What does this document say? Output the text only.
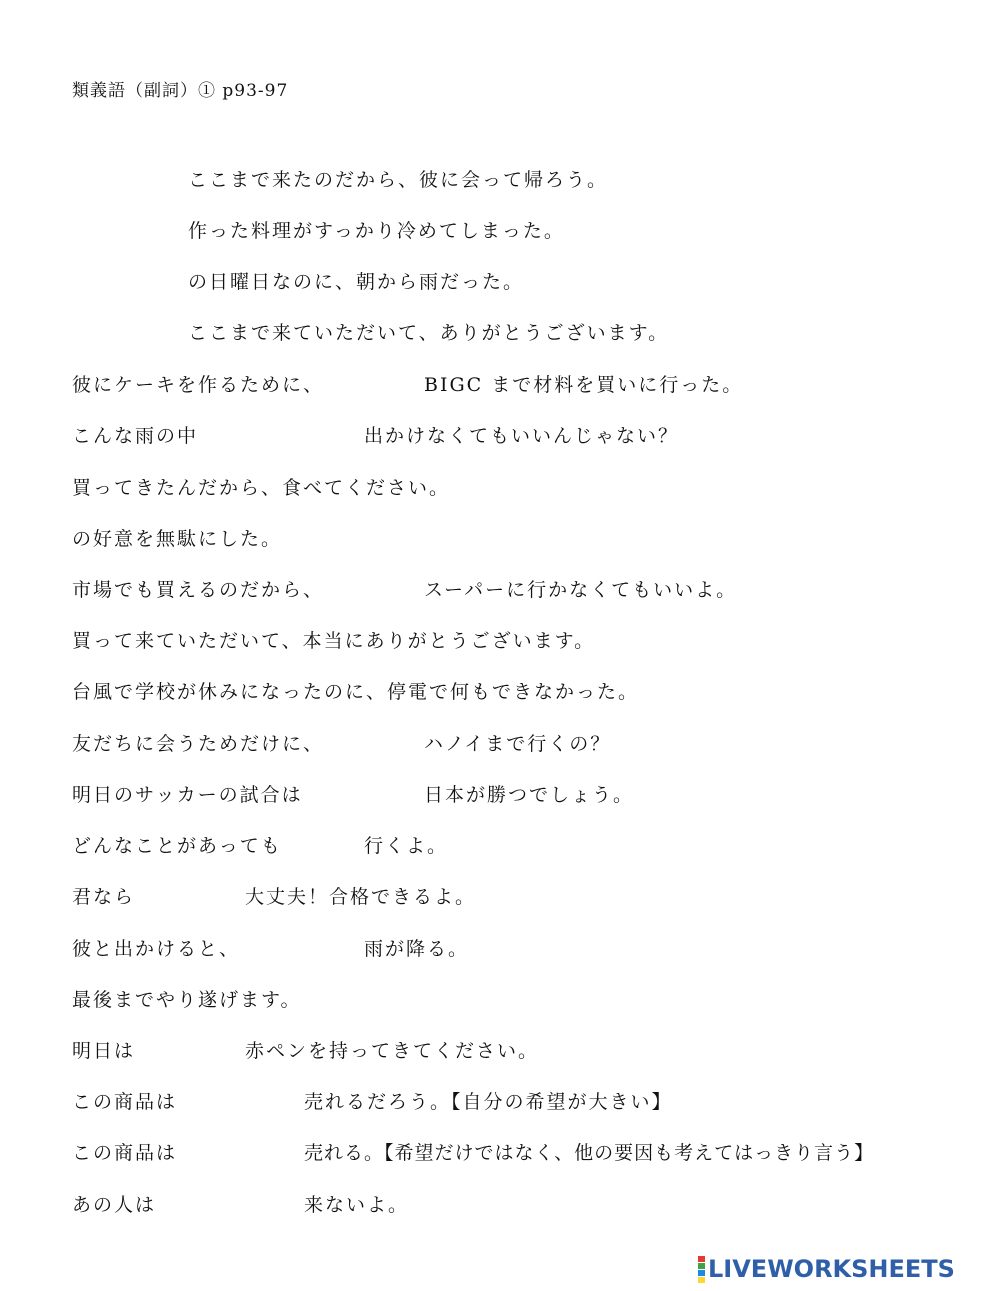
類義語（副詞）① p93-97
ここまで来たのだから、彼に会って帰ろう。
作った料理がすっかり冷めてしまった。
の日曜日なのに、朝から雨だった。
ここまで来ていただいて、ありがとうございます。
彼にケーキを作るために、	BIGC まで材料を買いに行った。
こんな雨の中	出かけなくてもいいんじゃない？
買ってきたんだから、食べてください。
の好意を無駄にした。
市場でも買えるのだから、	スーパーに行かなくてもいいよ。
買って来ていただいて、本当にありがとうございます。
台風で学校が休みになったのに、停電で何もできなかった。
友だちに会うためだけに、	ハノイまで行くの？
明日のサッカーの試合は	日本が勝つでしょう。
どんなことがあっても	行くよ。
君なら	大丈夫！合格できるよ。
彼と出かけると、	雨が降る。
最後までやり遂げます。
明日は	赤ペンを持ってきてください。
この商品は	売れるだろう。【自分の希望が大きい】
この商品は	売れる。【希望だけではなく、他の要因も考えてはっきり言う】
あの人は	来ないよ。
LIVEWORKSHEETS
